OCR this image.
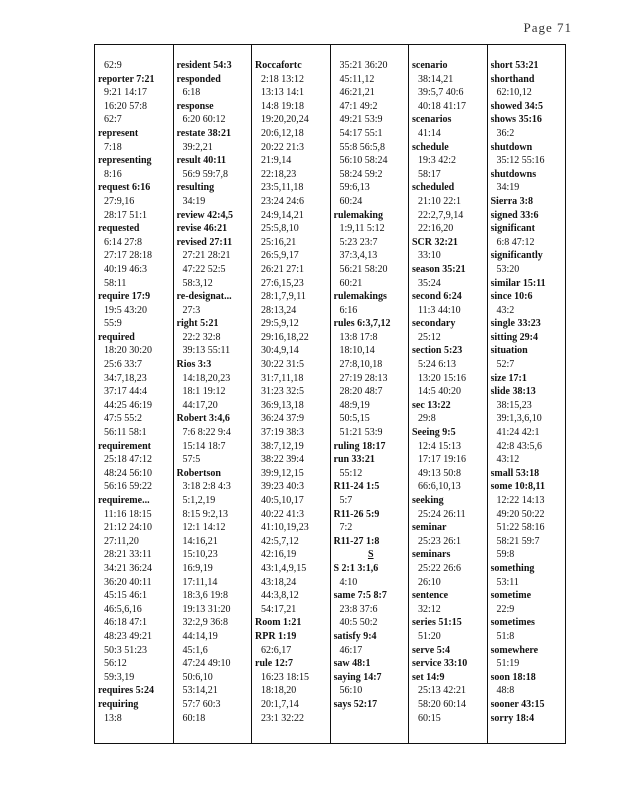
Page 71
62:9
reporter 7:21
9:21 14:17
16:20 57:8
62:7
represent
7:18
representing
8:16
request 6:16
27:9,16
28:17 51:1
requested
6:14 27:8
27:17 28:18
40:19 46:3
58:11
require 17:9
19:5 43:20
55:9
required
18:20 30:20
25:6 33:7
34:7,18,23
37:17 44:4
44:25 46:19
47:5 55:2
56:11 58:1
requirement
25:18 47:12
48:24 56:10
56:16 59:22
requireme...
11:16 18:15
21:12 24:10
27:11,20
28:21 33:11
34:21 36:24
36:20 40:11
45:15 46:1
46:5,6,16
46:18 47:1
48:23 49:21
50:3 51:23
56:12
59:3,19
requires 5:24
requiring
13:8
resident 54:3
responded
6:18
response
6:20 60:12
restate 38:21
39:2,21
result 40:11
56:9 59:7,8
resulting
34:19
review 42:4,5
revise 46:21
revised 27:11
27:21 28:21
47:22 52:5
58:3,12
re-designat...
27:3
right 5:21
22:2 32:8
39:13 55:11
Rios 3:3
14:18,20,23
18:1 19:12
44:17,20
Robert 3:4,6
7:6 8:22 9:4
15:14 18:7
57:5
Robertson
3:18 2:8 4:3
5:1,2,19
8:15 9:2,13
12:1 14:12
14:16,21
15:10,23
16:9,19
17:11,14
18:3,6 19:8
19:13 31:20
32:2,9 36:8
44:14,19
45:1,6
47:24 49:10
50:6,10
53:14,21
57:7 60:3
60:18
Roccafortc
2:18 13:12
13:13 14:1
14:8 19:18
19:20,20,24
20:6,12,18
20:22 21:3
21:9,14
22:18,23
23:5,11,18
23:24 24:6
24:9,14,21
25:5,8,10
25:16,21
26:5,9,17
26:21 27:1
27:6,15,23
28:1,7,9,11
28:13,24
29:5,9,12
29:16,18,22
30:4,9,14
30:22 31:5
31:7,11,18
31:23 32:5
36:9,13,18
36:24 37:9
37:19 38:3
38:7,12,19
38:22 39:4
39:9,12,15
39:23 40:3
40:5,10,17
40:22 41:3
41:10,19,23
42:5,7,12
42:16,19
43:1,4,9,15
43:18,24
44:3,8,12
54:17,21
Room 1:21
RPR 1:19
62:6,17
rule 12:7
16:23 18:15
18:18,20
20:1,7,14
23:1 32:22
35:21 36:20
45:11,12
46:21,21
47:1 49:2
49:21 53:9
54:17 55:1
55:8 56:5,8
56:10 58:24
58:24 59:2
59:6,13
60:24
rulemaking
1:9,11 5:12
5:23 23:7
37:3,4,13
56:21 58:20
60:21
rulemakings
6:16
rules 6:3,7,12
13:8 17:8
18:10,14
27:8,10,18
27:19 28:13
28:20 48:7
48:9,19
50:5,15
51:21 53:9
ruling 18:17
run 33:21
55:12
R11-24 1:5
5:7
R11-26 5:9
7:2
R11-27 1:8
S
S 2:1 3:1,6
4:10
same 7:5 8:7
23:8 37:6
40:5 50:2
satisfy 9:4
46:17
saw 48:1
saying 14:7
56:10
says 52:17
scenario
38:14,21
39:5,7 40:6
40:18 41:17
scenarios
41:14
schedule
19:3 42:2
58:17
scheduled
21:10 22:1
22:2,7,9,14
22:16,20
SCR 32:21
33:10
season 35:21
35:24
second 6:24
11:3 44:10
secondary
25:12
section 5:23
5:24 6:13
13:20 15:16
14:5 40:20
sec 13:22
29:8
Seeing 9:5
12:4 15:13
17:17 19:16
49:13 50:8
66:6,10,13
seeking
25:24 26:11
seminar
25:23 26:1
seminars
25:22 26:6
26:10
sentence
32:12
series 51:15
51:20
serve 5:4
service 33:10
set 14:9
25:13 42:21
58:20 60:14
60:15
short 53:21
shorthand
62:10,12
showed 34:5
shows 35:16
36:2
shutdown
35:12 55:16
shutdowns
34:19
Sierra 3:8
signed 33:6
significant
6:8 47:12
significantly
53:20
similar 15:11
since 10:6
43:2
single 33:23
sitting 29:4
situation
52:7
size 17:1
slide 38:13
38:15,23
39:1,3,6,10
41:24 42:1
42:8 43:5,6
43:12
small 53:18
some 10:8,11
12:22 14:13
49:20 50:22
51:22 58:16
58:21 59:7
59:8
something
53:11
sometime
22:9
sometimes
51:8
somewhere
51:19
soon 18:18
48:8
sooner 43:15
sorry 18:4
